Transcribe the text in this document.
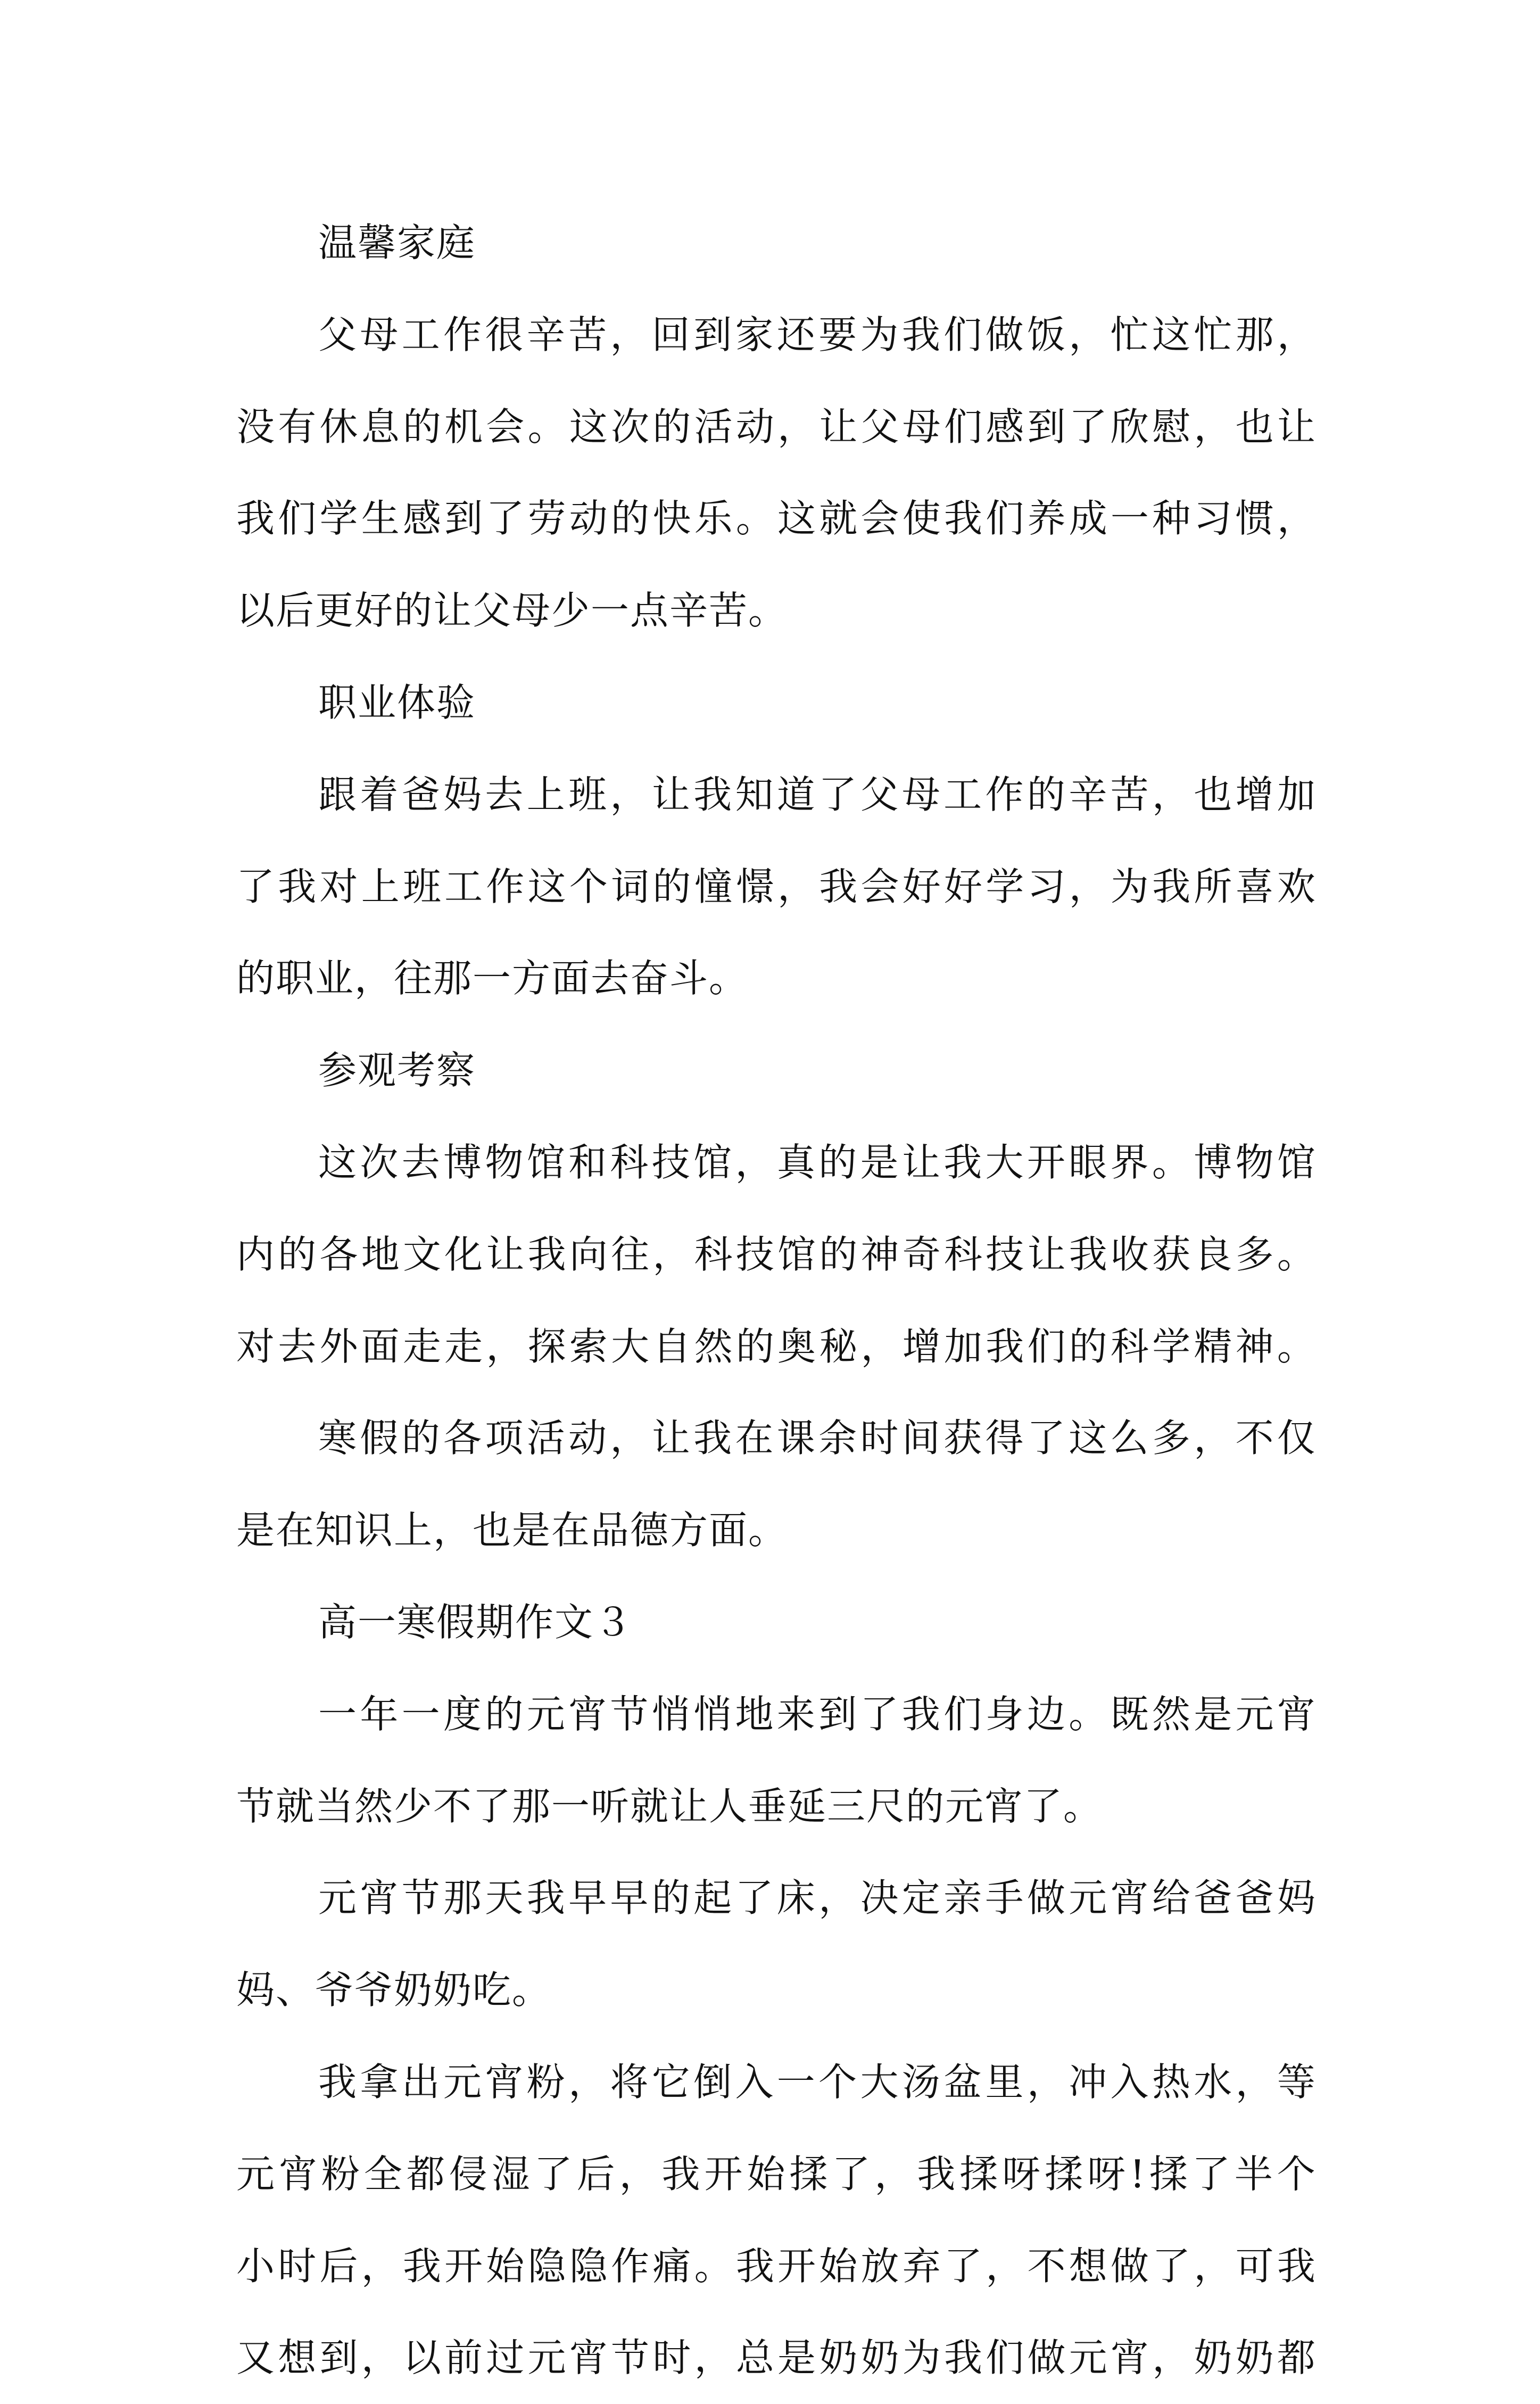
温馨家庭
父 母 工 作 很 辛 苦 ， 回 到 家 还 要 为 我 们 做 饭 ， 忙 这 忙 那 ，
没 有 休 息 的 机 会 。 这 次 的 活 动 ， 让 父 母 们 感 到 了 欣 慰 ， 也 让
我 们 学 生 感 到 了 劳 动 的 快 乐 。 这 就 会 使 我 们 养 成 一 种 习 惯 ，
以后更好的让父母少一点辛苦。
职业体验
跟 着 爸 妈 去 上 班 ， 让 我 知 道 了 父 母 工 作 的 辛 苦 ， 也 增 加
了 我 对 上 班 工 作 这 个 词 的 憧 憬 ， 我 会 好 好 学 习 ， 为 我 所 喜 欢
的职业，往那一方面去奋斗。
参观考察
这 次 去 博 物 馆 和 科 技 馆 ， 真 的 是 让 我 大 开 眼 界 。 博 物 馆
内 的 各 地 文 化 让 我 向 往 ， 科 技 馆 的 神 奇 科 技 让 我 收 获 良 多 。
对 去 外 面 走 走 ， 探 索 大 自 然 的 奥 秘 ， 增 加 我 们 的 科 学 精 神 。
寒 假 的 各 项 活 动 ， 让 我 在 课 余 时 间 获 得 了 这 么 多 ， 不 仅
是在知识上，也是在品德方面。
高一寒假期作文３
一 年 一 度 的 元 宵 节 悄 悄 地 来 到 了 我 们 身 边 。 既 然 是 元 宵
节就当然少不了那一听就让人垂延三尺的元宵了。
元 宵 节 那 天 我 早 早 的 起 了 床 ， 决 定 亲 手 做 元 宵 给 爸 爸 妈
妈、爷爷奶奶吃。
我 拿 出 元 宵 粉 ， 将 它 倒 入 一 个 大 汤 盆 里 ， 冲 入 热 水 ， 等
元 宵 粉 全 都 侵 湿 了 后 ， 我 开 始 揉 了 ， 我 揉 呀 揉 呀 ! 揉 了 半 个
小 时 后 ， 我 开 始 隐 隐 作 痛 。 我 开 始 放 弃 了 ， 不 想 做 了 ， 可 我
又 想 到 ， 以 前 过 元 宵 节 时 ， 总 是 奶 奶 为 我 们 做 元 宵 ， 奶 奶 都
